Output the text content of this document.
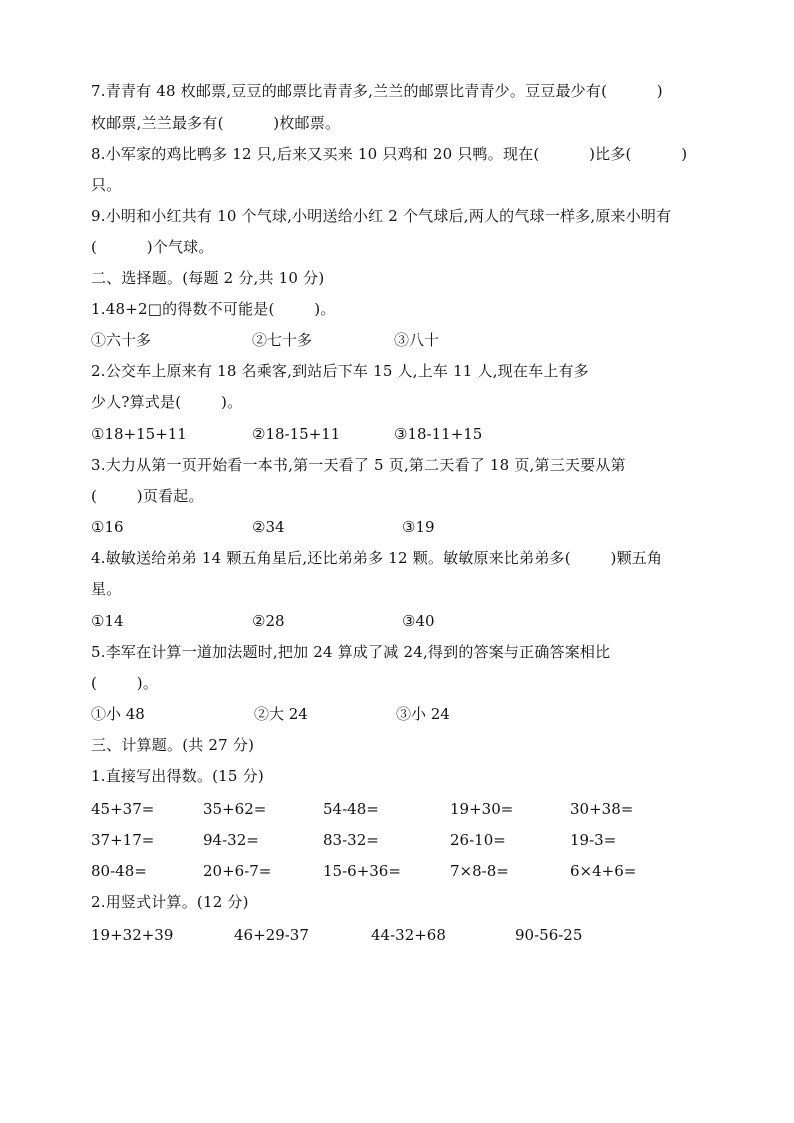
7.青青有 48 枚邮票,豆豆的邮票比青青多,兰兰的邮票比青青少。豆豆最少有(          )
枚邮票,兰兰最多有(          )枚邮票。
8.小军家的鸡比鸭多 12 只,后来又买来 10 只鸡和 20 只鸭。现在(          )比多(          )
只。
9.小明和小红共有 10 个气球,小明送给小红 2 个气球后,两人的气球一样多,原来小明有
(          )个气球。
二、选择题。(每题 2 分,共 10 分)
1.48+2□的得数不可能是(        )。
①六十多	②七十多	③八十
2.公交车上原来有 18 名乘客,到站后下车 15 人,上车 11 人,现在车上有多
少人?算式是(        )。
①18+15+11	②18-15+11	③18-11+15
3.大力从第一页开始看一本书,第一天看了 5 页,第二天看了 18 页,第三天要从第
(        )页看起。
①16	②34	③19
4.敏敏送给弟弟 14 颗五角星后,还比弟弟多 12 颗。敏敏原来比弟弟多(        )颗五角
星。
①14	②28	③40
5.李军在计算一道加法题时,把加 24 算成了减 24,得到的答案与正确答案相比
(        )。
①小 48	②大 24	③小 24
三、计算题。(共 27 分)
1.直接写出得数。(15 分)
45+37=	35+62=	54-48=	19+30=	30+38=
37+17=	94-32=	83-32=	26-10=	19-3=
80-48=	20+6-7=	15-6+36=	7×8-8=	6×4+6=
2.用竖式计算。(12 分)
19+32+39	46+29-37	44-32+68	90-56-25
